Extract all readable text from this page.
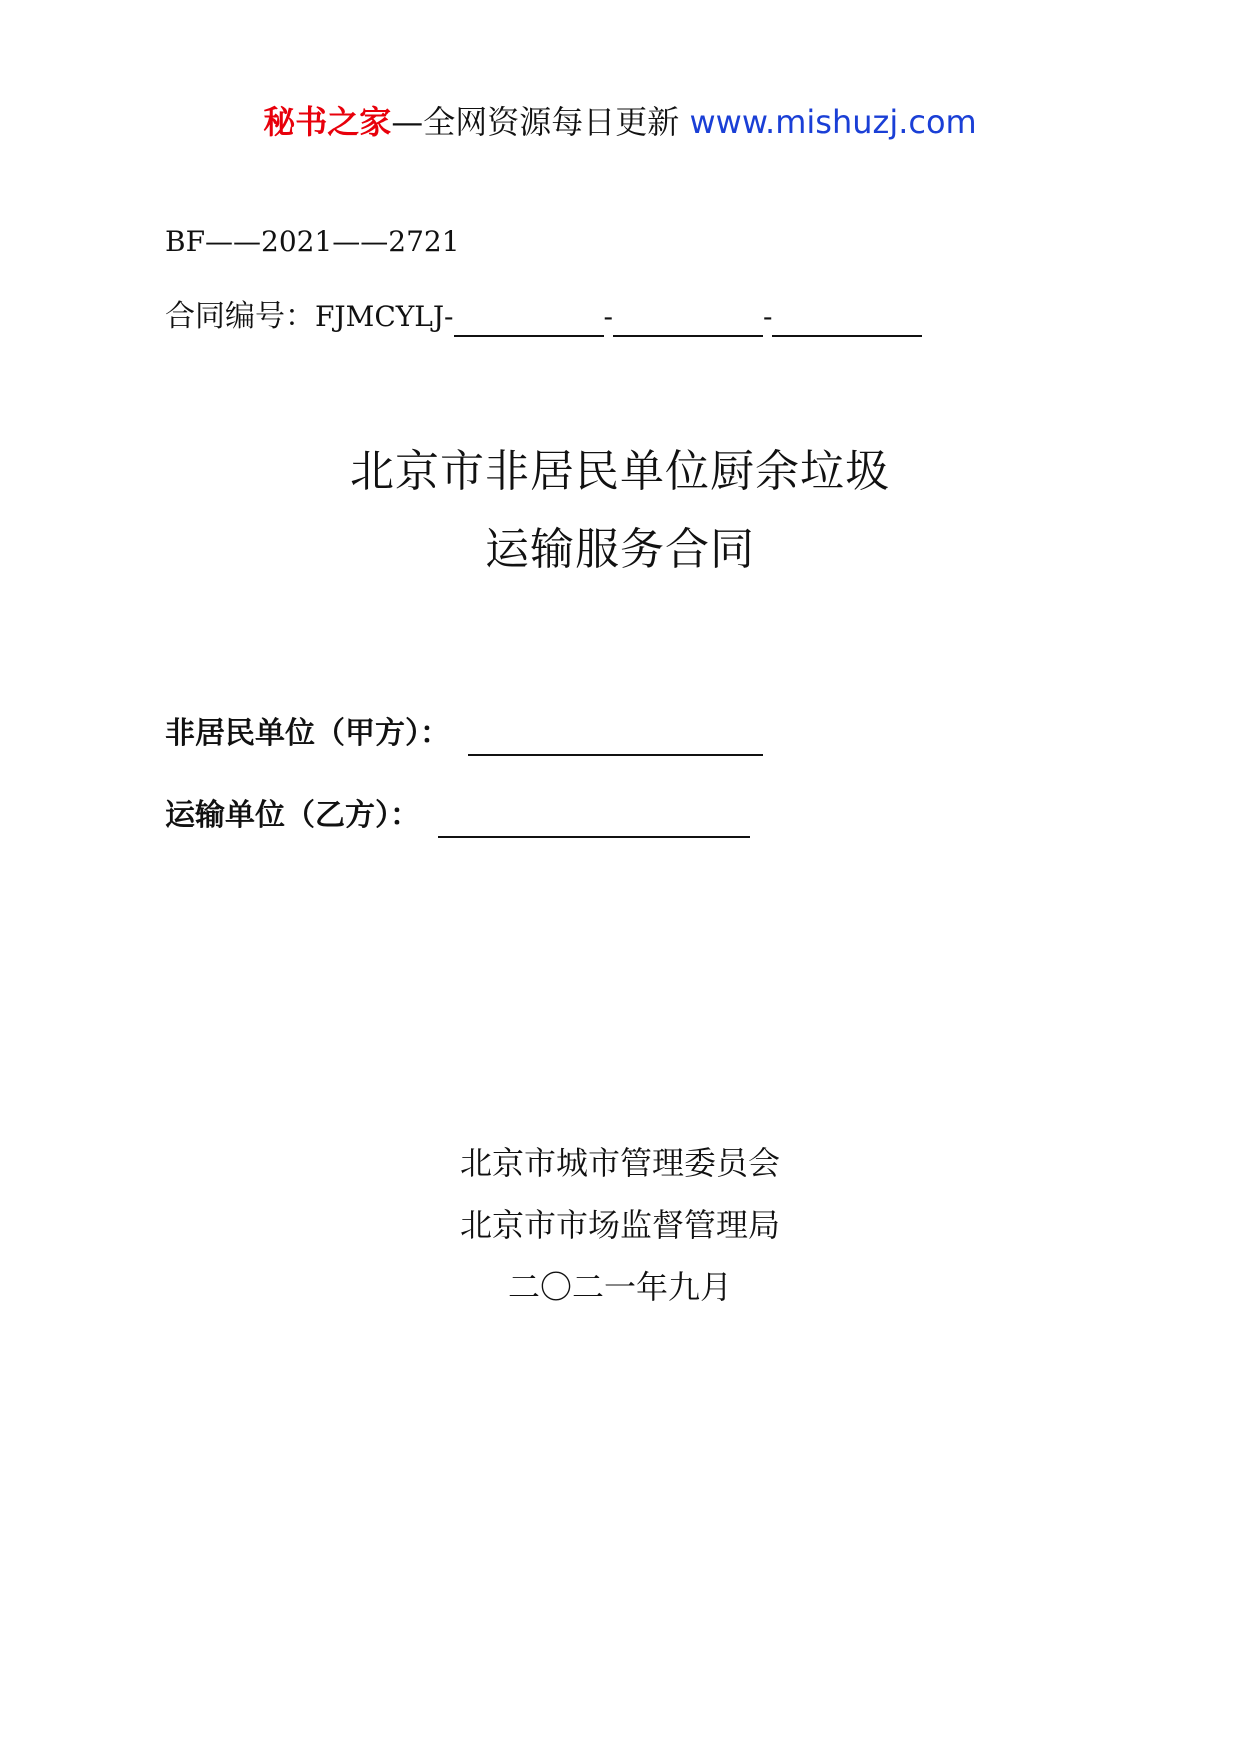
秘书之家—全网资源每日更新 www.mishuzj.com
BF——2021——2721
合同编号： FJMCYLJ-	-	-
北京市非居民单位厨余垃圾
运输服务合同
非居民单位（甲方）：
运输单位（乙方）：
北京市城市管理委员会
北京市市场监督管理局
二〇二一年九月
